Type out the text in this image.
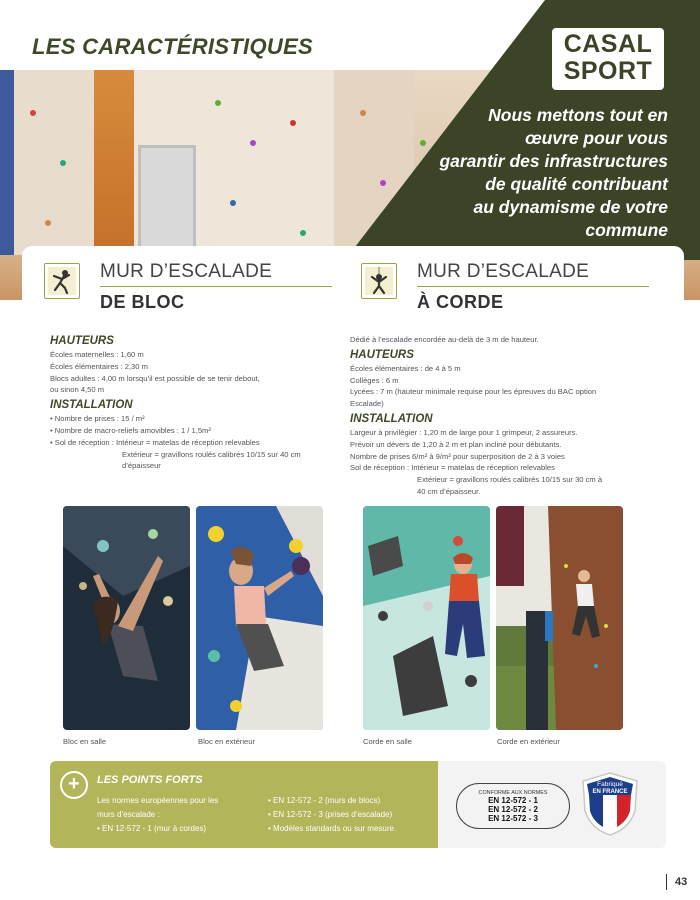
LES CARACTÉRISTIQUES	CASAL
SPORT
Nous mettons tout en
œuvre pour vous
garantir des infrastructures
de qualité contribuant
au dynamisme de votre
commune
MUR D’ESCALADE
DE BLOC
MUR D’ESCALADE
À CORDE
HAUTEURS
Écoles maternelles : 1,60 m
Écoles élémentaires : 2,30 m
Blocs adultes : 4,00 m lorsqu’il est possible de se tenir debout,
ou sinon 4,50 m
INSTALLATION
• Nombre de prises : 15 / m²
• Nombre de macro-reliefs amovibles : 1 / 1,5m²
• Sol de réception : Intérieur = matelas de réception relevables
Extérieur = gravillons roulés calibrés 10/15 sur 40 cm
d’épaisseur
Dédié à l’escalade encordée au-delà de 3 m de hauteur.
HAUTEURS
Écoles élémentaires : de 4 à 5 m
Collèges : 6 m
Lycées : 7 m (hauteur minimale requise pour les épreuves du BAC option
Escalade)
INSTALLATION
Largeur à privilégier : 1,20 m de large pour 1 grimpeur, 2 assureurs.
Prévoir un dévers de 1,20 à 2 m et plan incliné pour débutants.
Nombre de prises 6/m² à 9/m² pour superposition de 2 à 3 voies
Sol de réception : Intérieur = matelas de réception relevables
Extérieur = gravillons roulés calibrés 10/15 sur 30 cm à
40 cm d’épaisseur.
Bloc en salle	Bloc en extérieur	Corde en salle	Corde en extérieur
+	LES POINTS FORTS
Les normes européennes pour les
murs d’escalade :
• EN 12-572 - 1 (mur à cordes)
• EN 12-572 - 2 (murs de blocs)
• EN 12-572 - 3 (prises d’escalade)
• Modèles standards ou sur mesure.
CONFORME AUX NORMES
EN 12-572 - 1
EN 12-572 - 2
EN 12-572 - 3
Fabriqué
EN FRANCE
43
